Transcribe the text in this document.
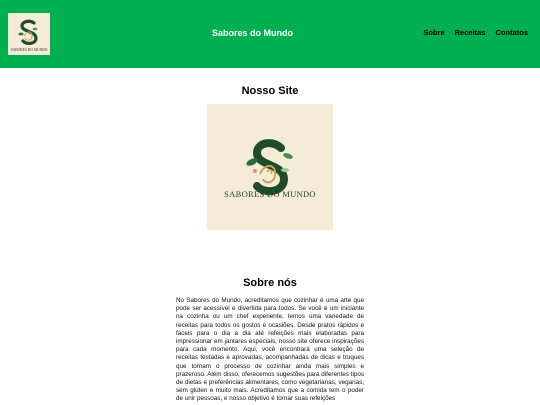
SABORES DO MUNDO
Sabores do Mundo	Sobre Receitas Contatos
Nosso Site
SABORES DO MUNDO
Sobre nós

No Sabores do Mundo, acreditamos que cozinhar é uma arte que pode ser acessível e divertida para todos. Se você é um iniciante na cozinha ou um chef experiente, temos uma variedade de receitas para todos os gostos e ocasiões. Desde pratos rápidos e fáceis para o dia a dia até refeições mais elaboradas para impressionar em jantares especiais, nosso site oferece inspirações para cada momento. Aqui, você encontrará uma seleção de receitas testadas e aprovadas, acompanhadas de dicas e truques que tornam o processo de cozinhar ainda mais simples e prazeroso. Além disso, oferecemos sugestões para diferentes tipos de dietas e preferências alimentares, como vegetarianas, veganas, sem glúten e muito mais. Acreditamos que a comida tem o poder de unir pessoas, e nosso objetivo é tornar suas refeições
